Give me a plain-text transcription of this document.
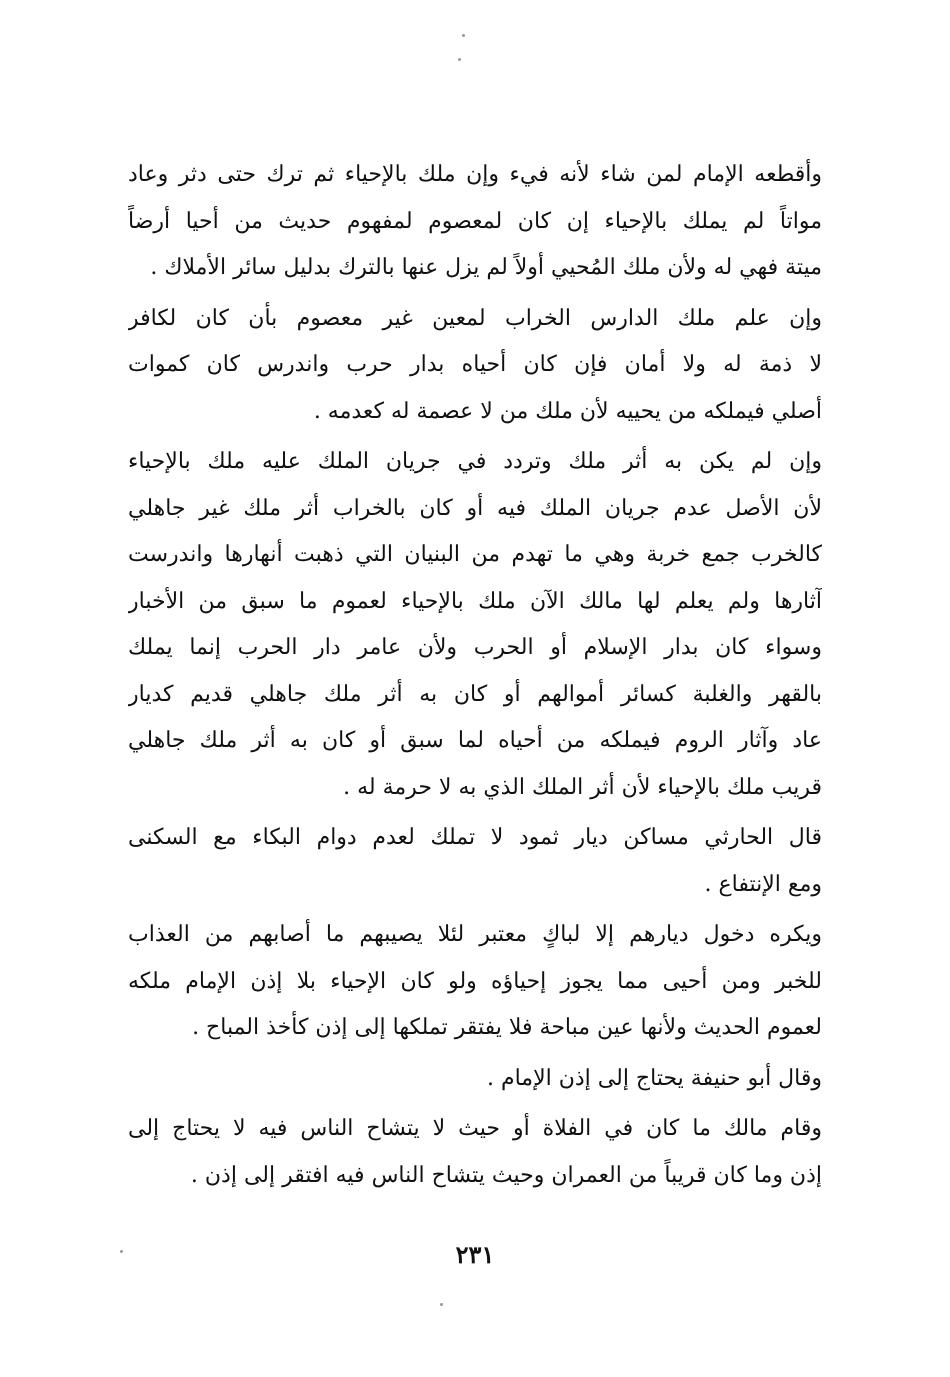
وأقطعه الإمام لمن شاء لأنه فيء وإن ملك بالإحياء ثم ترك حتى دثر وعاد
مواتاً لم يملك بالإحياء إن كان لمعصوم لمفهوم حديث من أحيا أرضاً
ميتة فهي له ولأن ملك المُحيي أولاً لم يزل عنها بالترك بدليل سائر الأملاك .
وإن علم ملك الدارس الخراب لمعين غير معصوم بأن كان لكافر
لا ذمة له ولا أمان فإن كان أحياه بدار حرب واندرس كان كموات
أصلي فيملكه من يحييه لأن ملك من لا عصمة له كعدمه .
وإن لم يكن به أثر ملك وتردد في جريان الملك عليه ملك بالإحياء
لأن الأصل عدم جريان الملك فيه أو كان بالخراب أثر ملك غير جاهلي
كالخرب جمع خربة وهي ما تهدم من البنيان التي ذهبت أنهارها واندرست
آثارها ولم يعلم لها مالك الآن ملك بالإحياء لعموم ما سبق من الأخبار
وسواء كان بدار الإسلام أو الحرب ولأن عامر دار الحرب إنما يملك
بالقهر والغلبة كسائر أموالهم أو كان به أثر ملك جاهلي قديم كديار
عاد وآثار الروم فيملكه من أحياه لما سبق أو كان به أثر ملك جاهلي
قريب ملك بالإحياء لأن أثر الملك الذي به لا حرمة له .
قال الحارثي مساكن ديار ثمود لا تملك لعدم دوام البكاء مع السكنى
ومع الإنتفاع .
ويكره دخول ديارهم إلا لباكٍ معتبر لئلا يصيبهم ما أصابهم من العذاب
للخبر ومن أحيى مما يجوز إحياؤه ولو كان الإحياء بلا إذن الإمام ملكه
لعموم الحديث ولأنها عين مباحة فلا يفتقر تملكها إلى إذن كأخذ المباح .
وقال أبو حنيفة يحتاج إلى إذن الإمام .
وقام مالك ما كان في الفلاة أو حيث لا يتشاح الناس فيه لا يحتاج إلى
إذن وما كان قريباً من العمران وحيث يتشاح الناس فيه افتقر إلى إذن .
٢٣١
